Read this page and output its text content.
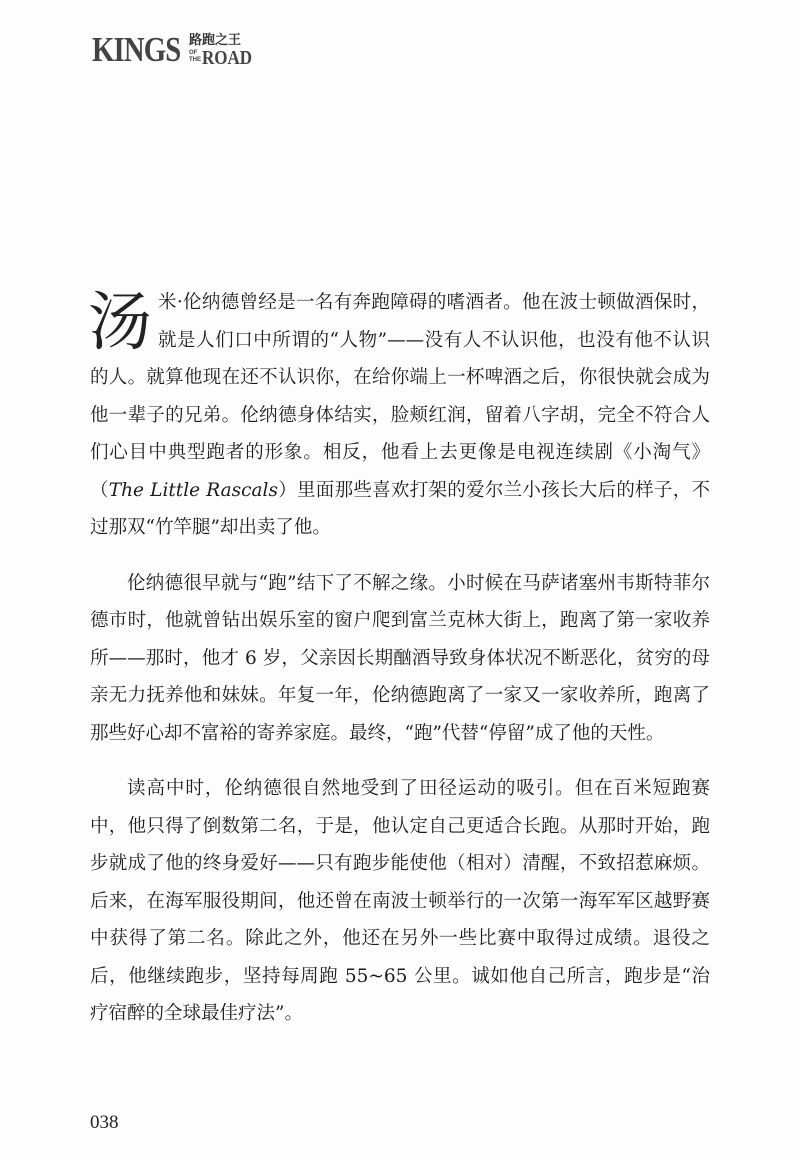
KINGS 路跑之王
OF THE ROAD

汤米·伦纳德曾经是一名有奔跑障碍的嗜酒者。他在波士顿做酒保时，就是人们口中所谓的“人物”——没有人不认识他，也没有他不认识的人。就算他现在还不认识你，在给你端上一杯啤酒之后，你很快就会成为他一辈子的兄弟。伦纳德身体结实，脸颊红润，留着八字胡，完全不符合人们心目中典型跑者的形象。相反，他看上去更像是电视连续剧《小淘气》（The Little Rascals）里面那些喜欢打架的爱尔兰小孩长大后的样子，不过那双“竹竿腿”却出卖了他。

伦纳德很早就与“跑”结下了不解之缘。小时候在马萨诸塞州韦斯特菲尔德市时，他就曾钻出娱乐室的窗户爬到富兰克林大街上，跑离了第一家收养所——那时，他才 6 岁，父亲因长期酗酒导致身体状况不断恶化，贫穷的母亲无力抚养他和妹妹。年复一年，伦纳德跑离了一家又一家收养所，跑离了那些好心却不富裕的寄养家庭。最终，“跑”代替“停留”成了他的天性。

读高中时，伦纳德很自然地受到了田径运动的吸引。但在百米短跑赛中，他只得了倒数第二名，于是，他认定自己更适合长跑。从那时开始，跑步就成了他的终身爱好——只有跑步能使他（相对）清醒，不致招惹麻烦。后来，在海军服役期间，他还曾在南波士顿举行的一次第一海军军区越野赛中获得了第二名。除此之外，他还在另外一些比赛中取得过成绩。退役之后，他继续跑步，坚持每周跑 55~65 公里。诚如他自己所言，跑步是“治疗宿醉的全球最佳疗法”。

038
